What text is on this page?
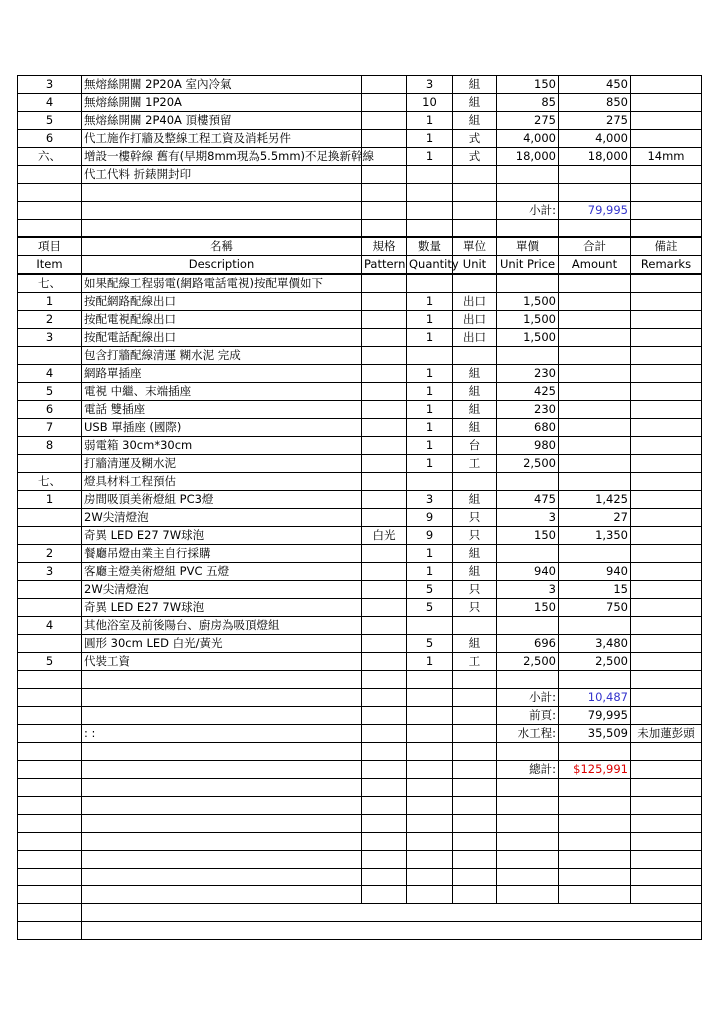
3	無熔絲開關 2P20A 室內冷氣		3	組	150	450	
4	無熔絲開關 1P20A		10	組	85	850	
5	無熔絲開關 2P40A 頂樓預留		1	組	275	275	
6	代工施作打牆及整線工程工資及消耗另件		1	式	4,000	4,000	
六、	增設一樓幹線 舊有(早期8mm現為5.5mm)不足換新幹線		1	式	18,000	18,000	14mm
	代工代料 折錶開封印						

					小計:	79,995	

項目	名稱	規格	數量	單位	單價	合計	備註
Item	Description	Pattern	Quantity	Unit	Unit Price	Amount	Remarks
七、	如果配線工程弱電(網路電話電視)按配單價如下						
1	按配網路配線出口		1	出口	1,500		
2	按配電視配線出口		1	出口	1,500		
3	按配電話配線出口		1	出口	1,500		
	包含打牆配線清運 糊水泥 完成						
4	網路單插座		1	組	230		
5	電視 中繼、末端插座		1	組	425		
6	電話 雙插座		1	組	230		
7	USB 單插座 (國際)		1	組	680		
8	弱電箱 30cm*30cm		1	台	980		
	打牆清運及糊水泥		1	工	2,500		
七、	燈具材料工程預估						
1	房間吸頂美術燈組 PC3燈		3	組	475	1,425	
	2W尖清燈泡		9	只	3	27	
	奇異 LED E27 7W球泡	白光	9	只	150	1,350	
2	餐廳吊燈由業主自行採購		1	組			
3	客廳主燈美術燈組 PVC 五燈		1	組	940	940	
	2W尖清燈泡		5	只	3	15	
	奇異 LED E27 7W球泡		5	只	150	750	
4	其他浴室及前後陽台、廚房為吸頂燈組						
	圓形 30cm LED 白光/黃光		5	組	696	3,480	
5	代裝工資		1	工	2,500	2,500	

					小計:	10,487	
					前頁:	79,995	
	: :				水工程:	35,509	未加蓮彭頭

					總計:	$125,991	
